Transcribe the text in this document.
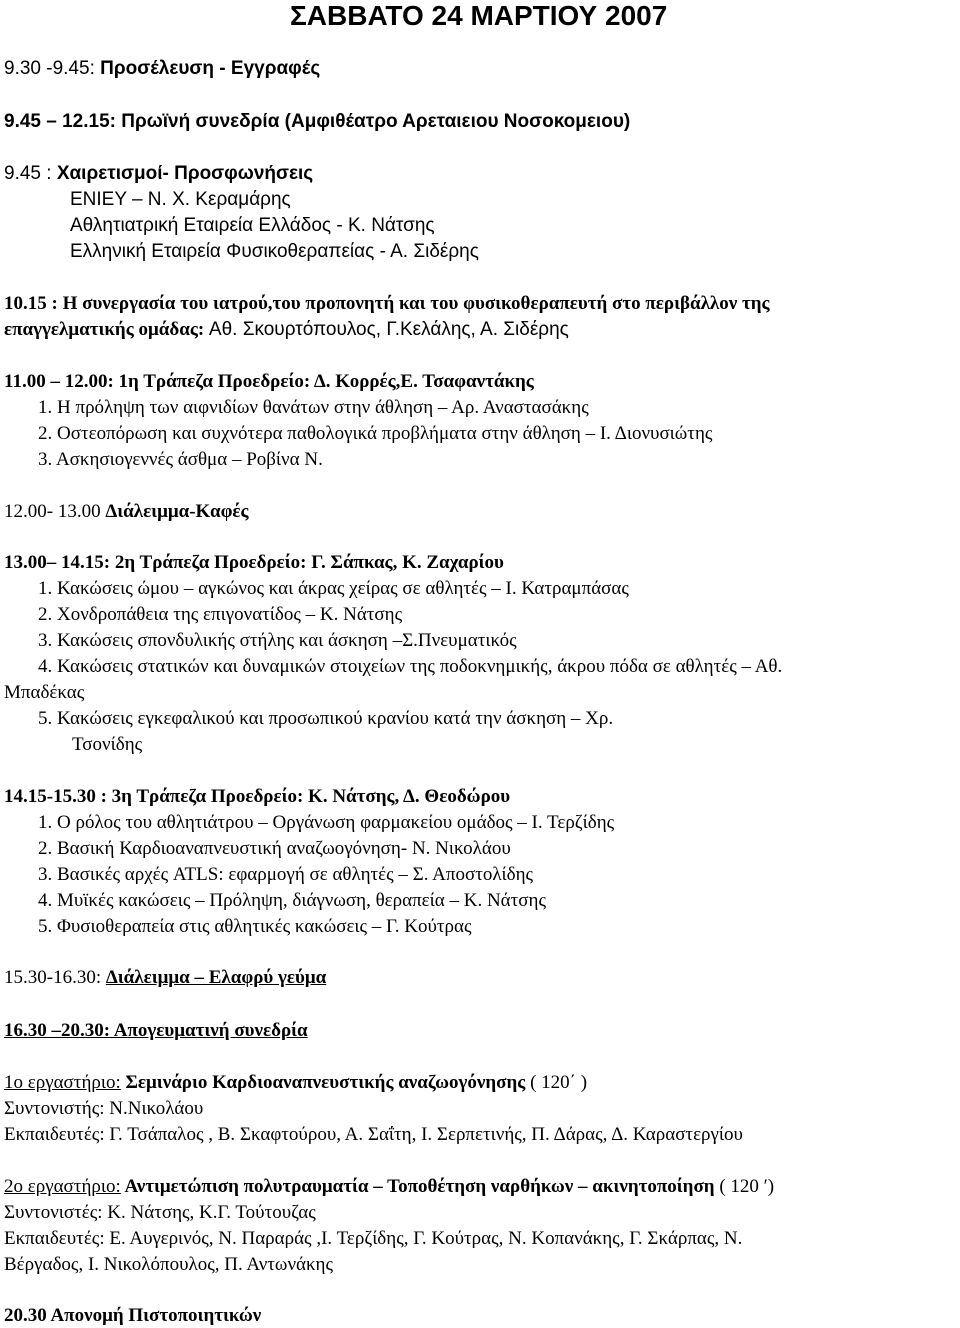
ΣΑΒΒΑΤΟ 24 ΜΑΡΤΙΟΥ 2007
9.30 -9.45: Προσέλευση - Εγγραφές
9.45 – 12.15: Πρωϊνή συνεδρία (Αμφιθέατρο Αρεταιειου Νοσοκομειου)
9.45 : Χαιρετισμοί- Προσφωνήσεις
ΕΝΙΕΥ – Ν. Χ. Κεραμάρης
Αθλητιατρική Εταιρεία Ελλάδος - Κ. Νάτσης
Ελληνική Εταιρεία Φυσικοθεραπείας - Α. Σιδέρης
10.15 : Η συνεργασία του ιατρού,του προπονητή και του φυσικοθεραπευτή στο περιβάλλον της
επαγγελματικής ομάδας: Αθ. Σκουρτόπουλος, Γ.Κελάλης, Α. Σιδέρης
11.00 – 12.00: 1η Τράπεζα Προεδρείο: Δ. Κορρές,Ε. Τσαφαντάκης
1. Η πρόληψη των αιφνιδίων θανάτων στην άθληση – Αρ. Αναστασάκης
2. Οστεοπόρωση και συχνότερα παθολογικά προβλήματα στην άθληση – Ι. Διονυσιώτης
3. Ασκησιογεννές άσθμα – Ροβίνα Ν.
12.00- 13.00 Διάλειμμα-Καφές
13.00– 14.15: 2η Τράπεζα Προεδρείο: Γ. Σάπκας, Κ. Ζαχαρίου
1. Κακώσεις ώμου – αγκώνος και άκρας χείρας σε αθλητές – Ι. Κατραμπάσας
2. Χονδροπάθεια της επιγονατίδος – Κ. Νάτσης
3. Κακώσεις σπονδυλικής στήλης και άσκηση –Σ.Πνευματικός
4. Κακώσεις στατικών και δυναμικών στοιχείων της ποδοκνημικής, άκρου πόδα σε αθλητές – Αθ.
Μπαδέκας
5. Κακώσεις εγκεφαλικού και προσωπικού κρανίου κατά την άσκηση – Χρ.
Τσονίδης
14.15-15.30 : 3η Τράπεζα Προεδρείο: Κ. Νάτσης, Δ. Θεοδώρου
1. Ο ρόλος του αθλητιάτρου – Οργάνωση φαρμακείου ομάδος – Ι. Τερζίδης
2. Βασική Καρδιοαναπνευστική αναζωογόνηση- Ν. Νικολάου
3. Βασικές αρχές ATLS: εφαρμογή σε αθλητές – Σ. Αποστολίδης
4. Μυϊκές κακώσεις – Πρόληψη, διάγνωση, θεραπεία – Κ. Νάτσης
5. Φυσιοθεραπεία στις αθλητικές κακώσεις – Γ. Κούτρας
15.30-16.30: Διάλειμμα – Ελαφρύ γεύμα
16.30 –20.30: Απογευματινή συνεδρία
1ο εργαστήριο: Σεμινάριο Καρδιοαναπνευστικής αναζωογόνησης ( 120΄ )
Συντονιστής: Ν.Νικολάου
Εκπαιδευτές: Γ. Τσάπαλος , Β. Σκαφτούρου, Α. Σαΐτη, Ι. Σερπετινής, Π. Δάρας, Δ. Καραστεργίου
2ο εργαστήριο: Αντιμετώπιση πολυτραυματία – Τοποθέτηση ναρθήκων – ακινητοποίηση ( 120 ′)
Συντονιστές: Κ. Νάτσης, Κ.Γ. Τούτουζας
Εκπαιδευτές: Ε. Αυγερινός, Ν. Παραράς ,Ι. Τερζίδης, Γ. Κούτρας, Ν. Κοπανάκης, Γ. Σκάρπας, Ν.
Βέργαδος, Ι. Νικολόπουλος, Π. Αντωνάκης
20.30 Απονομή Πιστοποιητικών
